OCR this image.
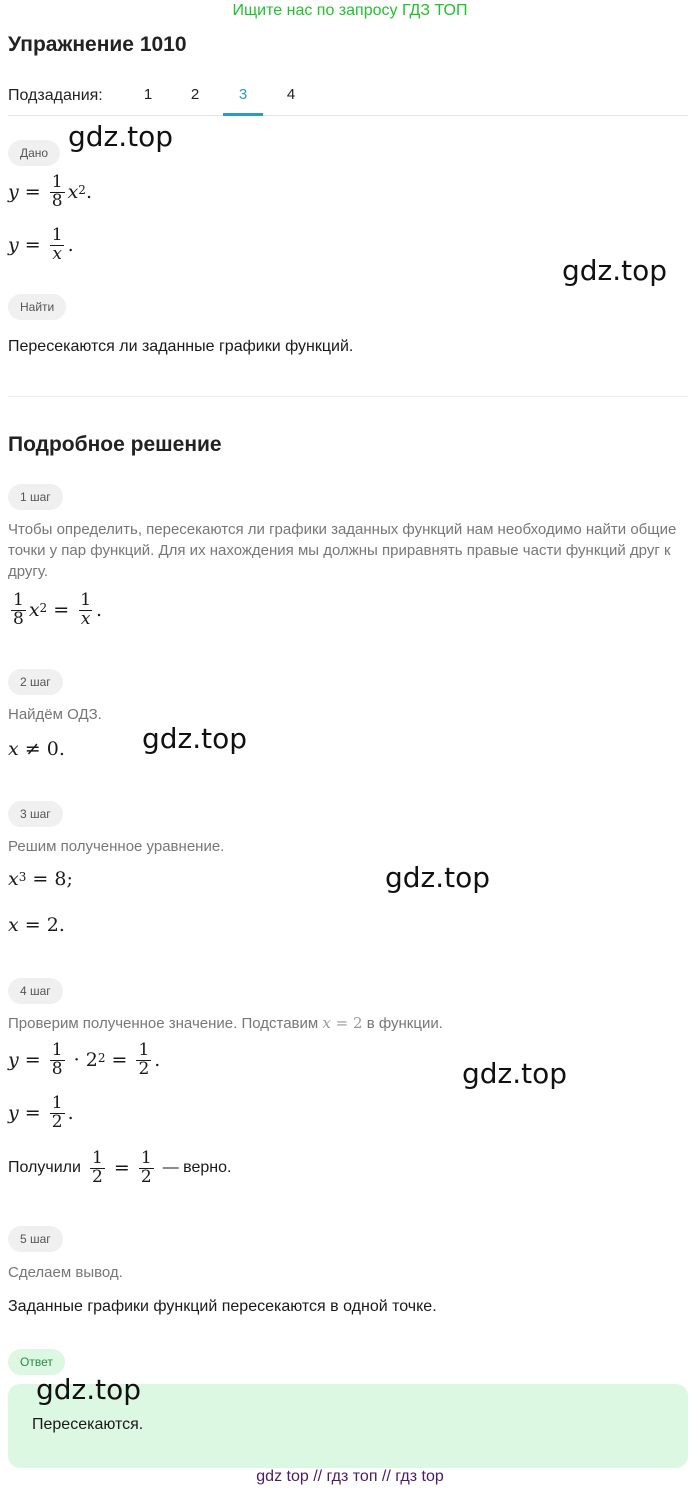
Ищите нас по запросу ГДЗ ТОП
Упражнение 1010
Подзадания:	1	2	3	4
Дано
y
=
$\frac{1}{8} x^2$ .
y
=
$\frac{1}{x}$ .
Найти
Пересекаются ли заданные графики функций.
Подробное решение
1 шаг
Чтобы определить, пересекаются ли графики заданных функций нам необходимо найти общие точки у пар функций. Для их нахождения мы должны приравнять правые части функций друг к другу.
$\frac{1}{8} x^2$
=
$\frac{1}{x}$ .
2 шаг
Найдём ОДЗ.
x
≠
0 .
3 шаг
Решим полученное уравнение.
$x^3$
=
8 ;
x
=
2 .
4 шаг
Проверим полученное значение. Подставим
x = 2
в функции.
y
=
$\frac{1}{8}$
·
$2^2$
=
$\frac{1}{2}$ .
y
=
$\frac{1}{2}$ .
Получили
$\frac{1}{2}$
=
$\frac{1}{2}$
— верно.
5 шаг
Сделаем вывод.
Заданные графики функций пересекаются в одной точке.
Ответ
Пересекаются.
gdz.top
gdz.top
gdz.top
gdz.top
gdz.top
gdz.top
gdz top // гдз топ // гдз top
